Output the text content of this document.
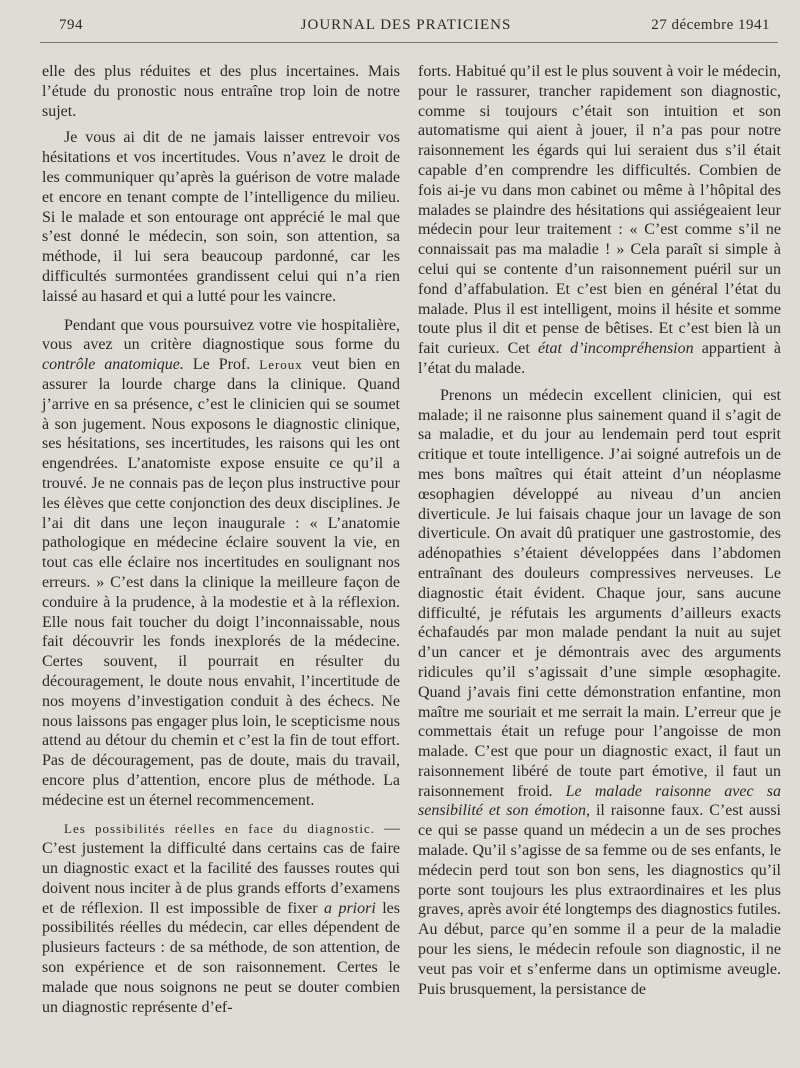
794	JOURNAL DES PRATICIENS	27 décembre 1941

elle des plus réduites et des plus incertaines. Mais l’étude du pronostic nous entraîne trop loin de notre sujet.

Je vous ai dit de ne jamais laisser entrevoir vos hésitations et vos incertitudes. Vous n’avez le droit de les communiquer qu’après la guérison de votre malade et encore en tenant compte de l’intelligence du milieu. Si le malade et son entourage ont apprécié le mal que s’est donné le médecin, son soin, son attention, sa méthode, il lui sera beaucoup pardonné, car les difficultés surmontées grandissent celui qui n’a rien laissé au hasard et qui a lutté pour les vaincre.

Pendant que vous poursuivez votre vie hospitalière, vous avez un critère diagnostique sous forme du contrôle anatomique. Le Prof. Leroux veut bien en assurer la lourde charge dans la clinique. Quand j’arrive en sa présence, c’est le clinicien qui se soumet à son jugement. Nous exposons le diagnostic clinique, ses hésitations, ses incertitudes, les raisons qui les ont engendrées. L’anatomiste expose ensuite ce qu’il a trouvé. Je ne connais pas de leçon plus instructive pour les élèves que cette conjonction des deux disciplines. Je l’ai dit dans une leçon inaugurale : « L’anatomie pathologique en médecine éclaire souvent la vie, en tout cas elle éclaire nos incertitudes en soulignant nos erreurs. » C’est dans la clinique la meilleure façon de conduire à la prudence, à la modestie et à la réflexion. Elle nous fait toucher du doigt l’inconnaissable, nous fait découvrir les fonds inexplorés de la médecine. Certes souvent, il pourrait en résulter du découragement, le doute nous envahit, l’incertitude de nos moyens d’investigation conduit à des échecs. Ne nous laissons pas engager plus loin, le scepticisme nous attend au détour du chemin et c’est la fin de tout effort. Pas de découragement, pas de doute, mais du travail, encore plus d’attention, encore plus de méthode. La médecine est un éternel recommencement.

Les possibilités réelles en face du diagnostic. — C’est justement la difficulté dans certains cas de faire un diagnostic exact et la facilité des fausses routes qui doivent nous inciter à de plus grands efforts d’examens et de réflexion. Il est impossible de fixer a priori les possibilités réelles du médecin, car elles dépendent de plusieurs facteurs : de sa méthode, de son attention, de son expérience et de son raisonnement. Certes le malade que nous soignons ne peut se douter combien un diagnostic représente d’ef-

forts. Habitué qu’il est le plus souvent à voir le médecin, pour le rassurer, trancher rapidement son diagnostic, comme si toujours c’était son intuition et son automatisme qui aient à jouer, il n’a pas pour notre raisonnement les égards qui lui seraient dus s’il était capable d’en comprendre les difficultés. Combien de fois ai-je vu dans mon cabinet ou même à l’hôpital des malades se plaindre des hésitations qui assiégeaient leur médecin pour leur traitement : « C’est comme s’il ne connaissait pas ma maladie ! » Cela paraît si simple à celui qui se contente d’un raisonnement puéril sur un fond d’affabulation. Et c’est bien en général l’état du malade. Plus il est intelligent, moins il hésite et somme toute plus il dit et pense de bêtises. Et c’est bien là un fait curieux. Cet état d’incompréhension appartient à l’état du malade.

Prenons un médecin excellent clinicien, qui est malade; il ne raisonne plus sainement quand il s’agit de sa maladie, et du jour au lendemain perd tout esprit critique et toute intelligence. J’ai soigné autrefois un de mes bons maîtres qui était atteint d’un néoplasme œsophagien développé au niveau d’un ancien diverticule. Je lui faisais chaque jour un lavage de son diverticule. On avait dû pratiquer une gastrostomie, des adénopathies s’étaient développées dans l’abdomen entraînant des douleurs compressives nerveuses. Le diagnostic était évident. Chaque jour, sans aucune difficulté, je réfutais les arguments d’ailleurs exacts échafaudés par mon malade pendant la nuit au sujet d’un cancer et je démontrais avec des arguments ridicules qu’il s’agissait d’une simple œsophagite. Quand j’avais fini cette démonstration enfantine, mon maître me souriait et me serrait la main. L’erreur que je commettais était un refuge pour l’angoisse de mon malade. C’est que pour un diagnostic exact, il faut un raisonnement libéré de toute part émotive, il faut un raisonnement froid. Le malade raisonne avec sa sensibilité et son émotion, il raisonne faux. C’est aussi ce qui se passe quand un médecin a un de ses proches malade. Qu’il s’agisse de sa femme ou de ses enfants, le médecin perd tout son bon sens, les diagnostics qu’il porte sont toujours les plus extraordinaires et les plus graves, après avoir été longtemps des diagnostics futiles. Au début, parce qu’en somme il a peur de la maladie pour les siens, le médecin refoule son diagnostic, il ne veut pas voir et s’enferme dans un optimisme aveugle. Puis brusquement, la persistance de
